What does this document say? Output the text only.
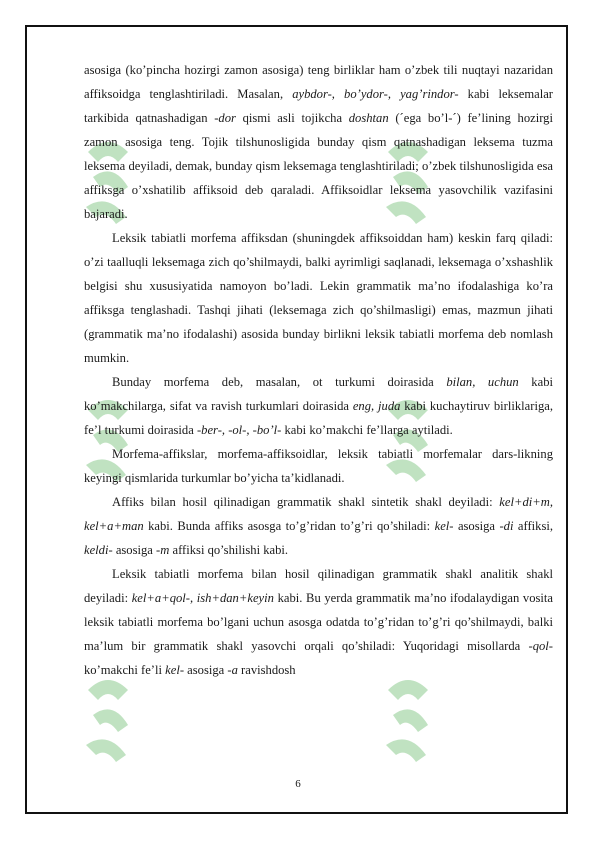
asosiga (ko’pincha hozirgi zamon asosiga) teng birliklar ham o’zbek tili nuqtayi nazaridan affiksoidga tenglashtiriladi. Masalan, aybdor-, bo’ydor-, yag’rindor- kabi leksemalar tarkibida qatnashadigan -dor qismi asli tojikcha doshtan (´ega bo’l-´) fe’lining hozirgi zamon asosiga teng. Tojik tilshunosligida bunday qism qatnashadigan leksema tuzma leksema deyiladi, demak, bunday qism leksemaga tenglashtiriladi; o’zbek tilshunosligida esa affiksga o’xshatilib affiksoid deb qaraladi. Affiksoidlar leksema yasovchilik vazifasini bajaradi.

Leksik tabiatli morfema affiksdan (shuningdek affiksoiddan ham) keskin farq qiladi: o’zi taalluqli leksemaga zich qo’shilmaydi, balki ayrimligi saqlanadi, leksemaga o’xshashlik belgisi shu xususiyatida namoyon bo’ladi. Lekin grammatik ma’no ifodalashiga ko’ra affiksga tenglashadi. Tashqi jihati (leksemaga zich qo’shilmasligi) emas, mazmun jihati (grammatik ma’no ifodalashi) asosida bunday birlikni leksik tabiatli morfema deb nomlash mumkin.

Bunday morfema deb, masalan, ot turkumi doirasida bilan, uchun kabi ko’makchilarga, sifat va ravish turkumlari doirasida eng, juda kabi kuchaytiruv birliklariga, fe’l turkumi doirasida -ber-, -ol-, -bo’l- kabi ko’makchi fe’llarga aytiladi.

Morfema-affikslar, morfema-affiksoidlar, leksik tabiatli morfemalar dars-likning keyingi qismlarida turkumlar bo’yicha ta’kidlanadi.

Affiks bilan hosil qilinadigan grammatik shakl sintetik shakl deyiladi: kel+di+m, kel+a+man kabi. Bunda affiks asosga to’g’ridan to’g’ri qo’shiladi: kel- asosiga -di affiksi, keldi- asosiga -m affiksi qo’shilishi kabi.

Leksik tabiatli morfema bilan hosil qilinadigan grammatik shakl analitik shakl deyiladi: kel+a+qol-, ish+dan+keyin kabi. Bu yerda grammatik ma’no ifodalaydigan vosita leksik tabiatli morfema bo’lgani uchun asosga odatda to’g’ridan to’g’ri qo’shilmaydi, balki ma’lum bir grammatik shakl yasovchi orqali qo’shiladi: Yuqoridagi misollarda -qol- ko’makchi fe’li kel- asosiga -a ravishdosh

6
